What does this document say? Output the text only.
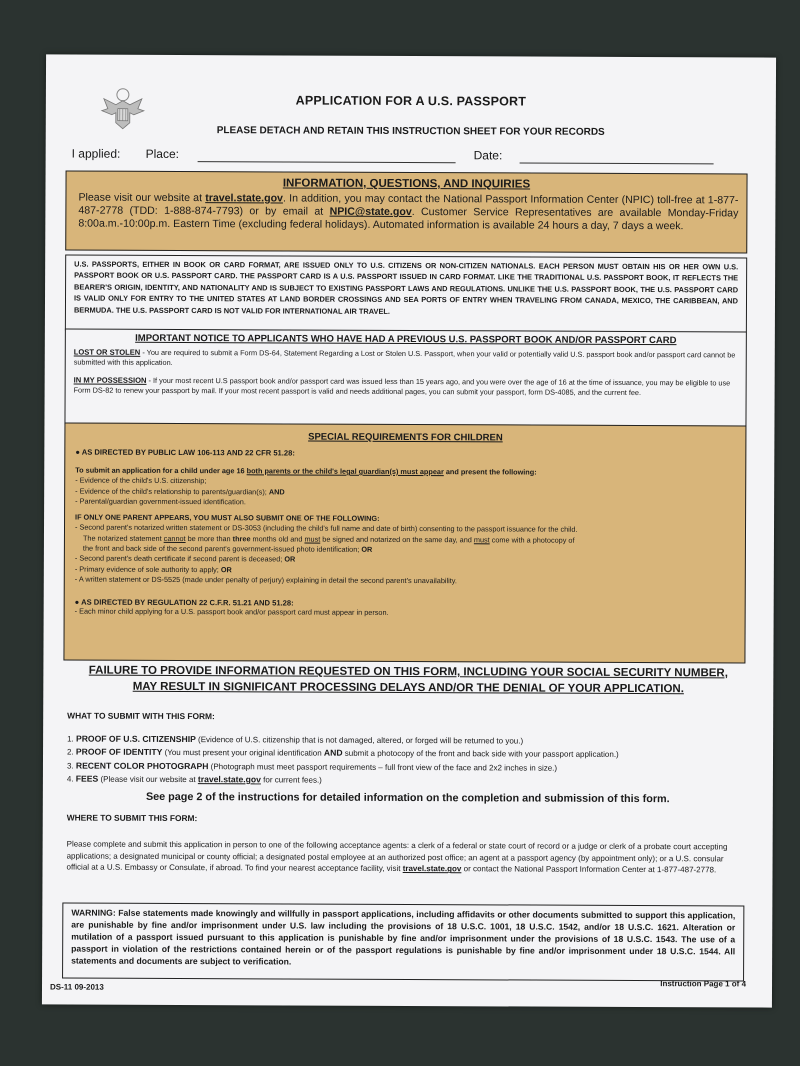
APPLICATION FOR A U.S. PASSPORT
PLEASE DETACH AND RETAIN THIS INSTRUCTION SHEET FOR YOUR RECORDS
I applied: Place:	Date:
INFORMATION, QUESTIONS, AND INQUIRIES
Please visit our website at travel.state.gov. In addition, you may contact the National Passport Information Center (NPIC) toll-free at 1-877-487-2778 (TDD: 1-888-874-7793) or by email at NPIC@state.gov. Customer Service Representatives are available Monday-Friday 8:00a.m.-10:00p.m. Eastern Time (excluding federal holidays). Automated information is available 24 hours a day, 7 days a week.
U.S. PASSPORTS, EITHER IN BOOK OR CARD FORMAT, ARE ISSUED ONLY TO U.S. CITIZENS OR NON-CITIZEN NATIONALS. EACH PERSON MUST OBTAIN HIS OR HER OWN U.S. PASSPORT BOOK OR U.S. PASSPORT CARD. THE PASSPORT CARD IS A U.S. PASSPORT ISSUED IN CARD FORMAT. LIKE THE TRADITIONAL U.S. PASSPORT BOOK, IT REFLECTS THE BEARER'S ORIGIN, IDENTITY, AND NATIONALITY AND IS SUBJECT TO EXISTING PASSPORT LAWS AND REGULATIONS. UNLIKE THE U.S. PASSPORT BOOK, THE U.S. PASSPORT CARD IS VALID ONLY FOR ENTRY TO THE UNITED STATES AT LAND BORDER CROSSINGS AND SEA PORTS OF ENTRY WHEN TRAVELING FROM CANADA, MEXICO, THE CARIBBEAN, AND BERMUDA. THE U.S. PASSPORT CARD IS NOT VALID FOR INTERNATIONAL AIR TRAVEL.
IMPORTANT NOTICE TO APPLICANTS WHO HAVE HAD A PREVIOUS U.S. PASSPORT BOOK AND/OR PASSPORT CARD
LOST OR STOLEN - You are required to submit a Form DS-64, Statement Regarding a Lost or Stolen U.S. Passport, when your valid or potentially valid U.S. passport book and/or passport card cannot be submitted with this application.
IN MY POSSESSION - If your most recent U.S passport book and/or passport card was issued less than 15 years ago, and you were over the age of 16 at the time of issuance, you may be eligible to use Form DS-82 to renew your passport by mail. If your most recent passport is valid and needs additional pages, you can submit your passport, form DS-4085, and the current fee.
SPECIAL REQUIREMENTS FOR CHILDREN
● AS DIRECTED BY PUBLIC LAW 106-113 AND 22 CFR 51.28:
To submit an application for a child under age 16 both parents or the child's legal guardian(s) must appear and present the following:
- Evidence of the child's U.S. citizenship;
- Evidence of the child's relationship to parents/guardian(s); AND
- Parental/guardian government-issued identification.
IF ONLY ONE PARENT APPEARS, YOU MUST ALSO SUBMIT ONE OF THE FOLLOWING:
- Second parent's notarized written statement or DS-3053 (including the child's full name and date of birth) consenting to the passport issuance for the child.
The notarized statement cannot be more than three months old and must be signed and notarized on the same day, and must come with a photocopy of
the front and back side of the second parent's government-issued photo identification; OR
- Second parent's death certificate if second parent is deceased; OR
- Primary evidence of sole authority to apply; OR
- A written statement or DS-5525 (made under penalty of perjury) explaining in detail the second parent's unavailability.
● AS DIRECTED BY REGULATION 22 C.F.R. 51.21 AND 51.28:
- Each minor child applying for a U.S. passport book and/or passport card must appear in person.
FAILURE TO PROVIDE INFORMATION REQUESTED ON THIS FORM, INCLUDING YOUR SOCIAL SECURITY NUMBER,
MAY RESULT IN SIGNIFICANT PROCESSING DELAYS AND/OR THE DENIAL OF YOUR APPLICATION.
WHAT TO SUBMIT WITH THIS FORM:
1. PROOF OF U.S. CITIZENSHIP (Evidence of U.S. citizenship that is not damaged, altered, or forged will be returned to you.)
2. PROOF OF IDENTITY (You must present your original identification AND submit a photocopy of the front and back side with your passport application.)
3. RECENT COLOR PHOTOGRAPH (Photograph must meet passport requirements – full front view of the face and 2x2 inches in size.)
4. FEES (Please visit our website at travel.state.gov for current fees.)
See page 2 of the instructions for detailed information on the completion and submission of this form.
WHERE TO SUBMIT THIS FORM:
Please complete and submit this application in person to one of the following acceptance agents: a clerk of a federal or state court of record or a judge or clerk of a probate court accepting applications; a designated municipal or county official; a designated postal employee at an authorized post office; an agent at a passport agency (by appointment only); or a U.S. consular official at a U.S. Embassy or Consulate, if abroad. To find your nearest acceptance facility, visit travel.state.gov or contact the National Passport Information Center at 1-877-487-2778.
WARNING: False statements made knowingly and willfully in passport applications, including affidavits or other documents submitted to support this application, are punishable by fine and/or imprisonment under U.S. law including the provisions of 18 U.S.C. 1001, 18 U.S.C. 1542, and/or 18 U.S.C. 1621. Alteration or mutilation of a passport issued pursuant to this application is punishable by fine and/or imprisonment under the provisions of 18 U.S.C. 1543. The use of a passport in violation of the restrictions contained herein or of the passport regulations is punishable by fine and/or imprisonment under 18 U.S.C. 1544. All statements and documents are subject to verification.
DS-11 09-2013	Instruction Page 1 of 4
